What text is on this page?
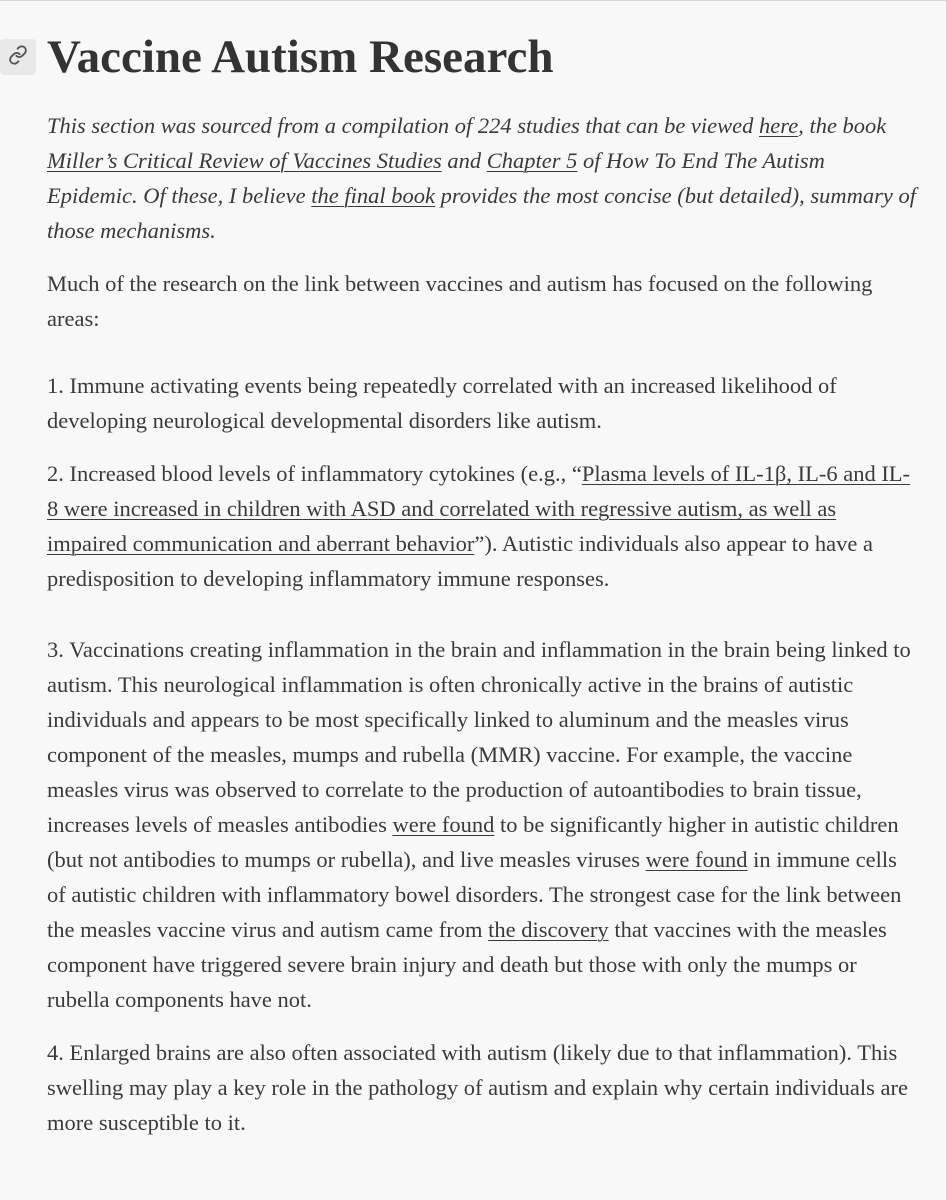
Vaccine Autism Research

This section was sourced from a compilation of 224 studies that can be viewed here, the book Miller’s Critical Review of Vaccines Studies and Chapter 5 of How To End The Autism Epidemic. Of these, I believe the final book provides the most concise (but detailed), summary of those mechanisms.

Much of the research on the link between vaccines and autism has focused on the following areas:

1. Immune activating events being repeatedly correlated with an increased likelihood of developing neurological developmental disorders like autism.

2. Increased blood levels of inflammatory cytokines (e.g., “Plasma levels of IL-1β, IL-6 and IL-8 were increased in children with ASD and correlated with regressive autism, as well as impaired communication and aberrant behavior”). Autistic individuals also appear to have a predisposition to developing inflammatory immune responses.

3. Vaccinations creating inflammation in the brain and inflammation in the brain being linked to autism. This neurological inflammation is often chronically active in the brains of autistic individuals and appears to be most specifically linked to aluminum and the measles virus component of the measles, mumps and rubella (MMR) vaccine. For example, the vaccine measles virus was observed to correlate to the production of autoantibodies to brain tissue, increases levels of measles antibodies were found to be significantly higher in autistic children (but not antibodies to mumps or rubella), and live measles viruses were found in immune cells of autistic children with inflammatory bowel disorders. The strongest case for the link between the measles vaccine virus and autism came from the discovery that vaccines with the measles component have triggered severe brain injury and death but those with only the mumps or rubella components have not.

4. Enlarged brains are also often associated with autism (likely due to that inflammation). This swelling may play a key role in the pathology of autism and explain why certain individuals are more susceptible to it.
